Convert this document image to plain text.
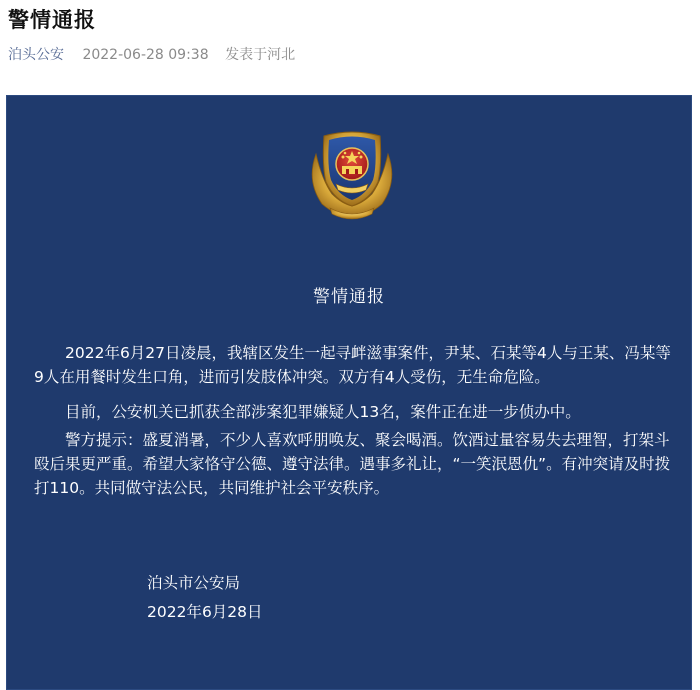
警情通报
泊头公安 2022-06-28 09:38 发表于河北
警情通报

2022年6月27日凌晨，我辖区发生一起寻衅滋事案件，尹某、石某等4人与王某、冯某等9人在用餐时发生口角，进而引发肢体冲突。双方有4人受伤，无生命危险。

目前，公安机关已抓获全部涉案犯罪嫌疑人13名，案件正在进一步侦办中。

警方提示：盛夏消暑，不少人喜欢呼朋唤友、聚会喝酒。饮酒过量容易失去理智，打架斗殴后果更严重。希望大家恪守公德、遵守法律。遇事多礼让，“一笑泯恩仇”。有冲突请及时拨打110。共同做守法公民，共同维护社会平安秩序。

泊头市公安局
2022年6月28日
